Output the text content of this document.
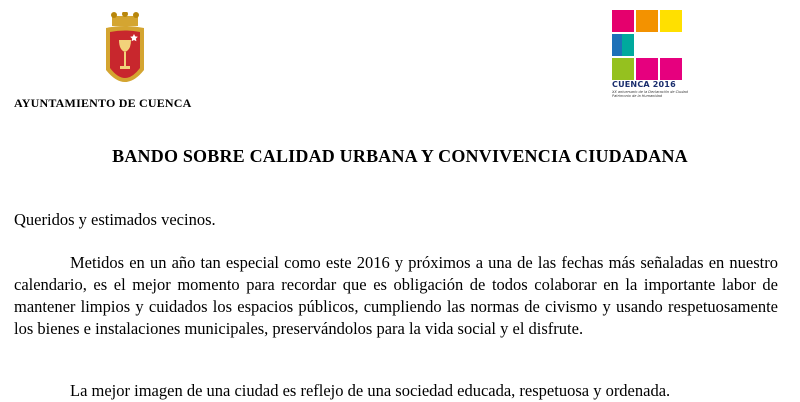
AYUNTAMIENTO DE CUENCA
CUENCA 2016
XX aniversario de la Declaración de Ciudad Patrimonio de la Humanidad
BANDO SOBRE CALIDAD URBANA Y CONVIVENCIA CIUDADANA
Queridos y estimados vecinos.

Metidos en un año tan especial como este 2016 y próximos a una de las fechas más señaladas en nuestro calendario, es el mejor momento para recordar que es obligación de todos colaborar en la importante labor de mantener limpios y cuidados los espacios públicos, cumpliendo las normas de civismo y usando respetuosamente los bienes e instalaciones municipales, preservándolos para la vida social y el disfrute.

La mejor imagen de una ciudad es reflejo de una sociedad educada, respetuosa y ordenada.
